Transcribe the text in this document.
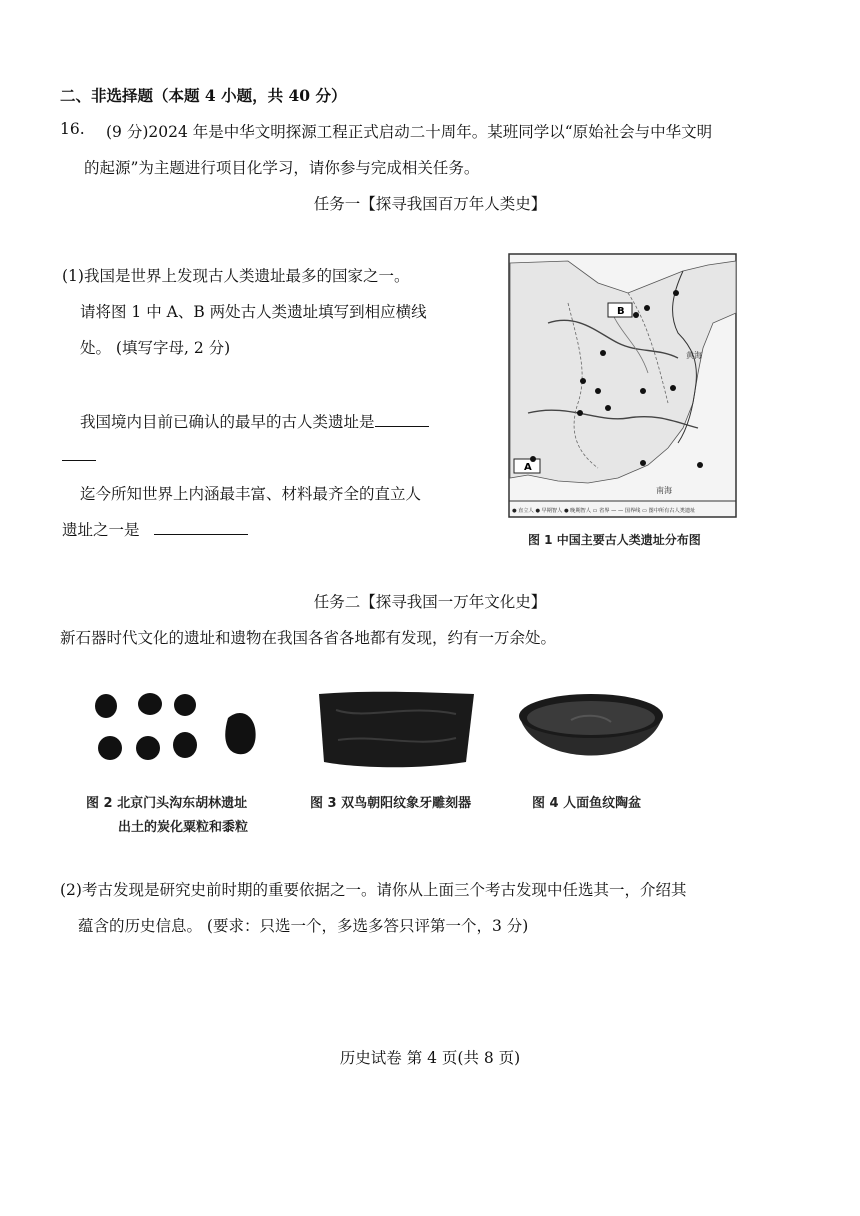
二、非选择题（本题 4 小题，共 40 分）
16. (9 分)2024 年是中华文明探源工程正式启动二十周年。某班同学以“原始社会与中华文明
的起源”为主题进行项目化学习，请你参与完成相关任务。
任务一【探寻我国百万年人类史】
(1)我国是世界上发现古人类遗址最多的国家之一。
请将图 1 中 A、B 两处古人类遗址填写到相应横线
处。 (填写字母, 2 分)
我国境内目前已确认的最早的古人类遗址是
迄今所知世界上内涵最丰富、材料最齐全的直立人
遗址之一是
B
A
黄海
南海
● 直立人 ● 早期智人 ● 晚期智人 ▭ 省界 — — 国界线 ▭ 图中所有古人类遗址
图 1 中国主要古人类遗址分布图
任务二【探寻我国一万年文化史】
新石器时代文化的遗址和遗物在我国各省各地都有发现，约有一万余处。
图 2 北京门头沟东胡林遗址
出土的炭化粟粒和黍粒
图 3 双鸟朝阳纹象牙雕刻器	图 4 人面鱼纹陶盆
(2)考古发现是研究史前时期的重要依据之一。请你从上面三个考古发现中任选其一，介绍其
蕴含的历史信息。 (要求：只选一个，多选多答只评第一个，3 分)
历史试卷 第 4 页(共 8 页)
